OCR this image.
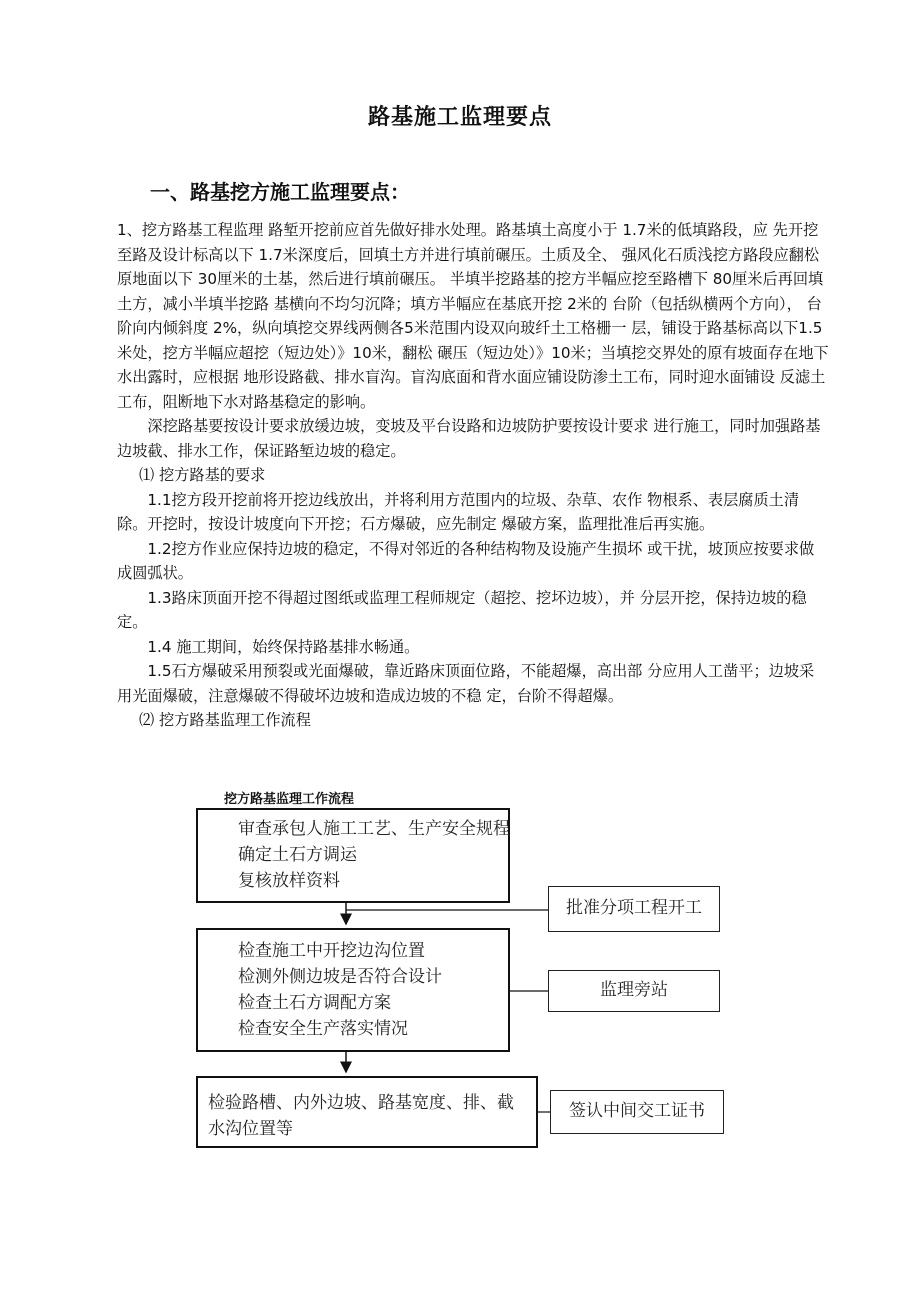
路基施工监理要点
一、路基挖方施工监理要点：

1、挖方路基工程监理 路堑开挖前应首先做好排水处理。路基填土高度小于 1.7米的低填路段，应 先开挖至路及设计标高以下 1.7米深度后，回填土方并进行填前碾压。土质及全、 强风化石质浅挖方路段应翻松原地面以下 30厘米的土基，然后进行填前碾压。 半填半挖路基的挖方半幅应挖至路槽下 80厘米后再回填土方，减小半填半挖路 基横向不均匀沉降；填方半幅应在基底开挖 2米的 台阶（包括纵横两个方向）， 台阶向内倾斜度 2%，纵向填挖交界线两侧各5米范围内设双向玻纤土工格栅一 层，铺设于路基标高以下1.5米处，挖方半幅应超挖（短边处）》10米，翻松 碾压（短边处）》10米；当填挖交界处的原有坡面存在地下水出露时，应根据 地形设路截、排水盲沟。盲沟底面和背水面应铺设防渗土工布，同时迎水面铺设 反滤土工布，阻断地下水对路基稳定的影响。

深挖路基要按设计要求放缓边坡，变坡及平台设路和边坡防护要按设计要求 进行施工，同时加强路基边坡截、排水工作，保证路堑边坡的稳定。

⑴ 挖方路基的要求

1.1挖方段开挖前将开挖边线放出，并将利用方范围内的垃圾、杂草、农作 物根系、表层腐质土清除。开挖时，按设计坡度向下开挖；石方爆破，应先制定 爆破方案，监理批准后再实施。

1.2挖方作业应保持边坡的稳定，不得对邻近的各种结构物及设施产生损坏 或干扰，坡顶应按要求做成圆弧状。

1.3路床顶面开挖不得超过图纸或监理工程师规定（超挖、挖坏边坡），并 分层开挖，保持边坡的稳定。

1.4 施工期间，始终保持路基排水畅通。

1.5石方爆破采用预裂或光面爆破，靠近路床顶面位路，不能超爆，高出部 分应用人工凿平；边坡采用光面爆破，注意爆破不得破坏边坡和造成边坡的不稳 定，台阶不得超爆。

⑵ 挖方路基监理工作流程

挖方路基监理工作流程
审查承包人施工工艺、生产安全规程
确定土石方调运
复核放样资料
检查施工中开挖边沟位置
检测外侧边坡是否符合设计
检查土石方调配方案
检查安全生产落实情况
检验路槽、内外边坡、路基宽度、排、截
水沟位置等
批准分项工程开工
监理旁站
签认中间交工证书
